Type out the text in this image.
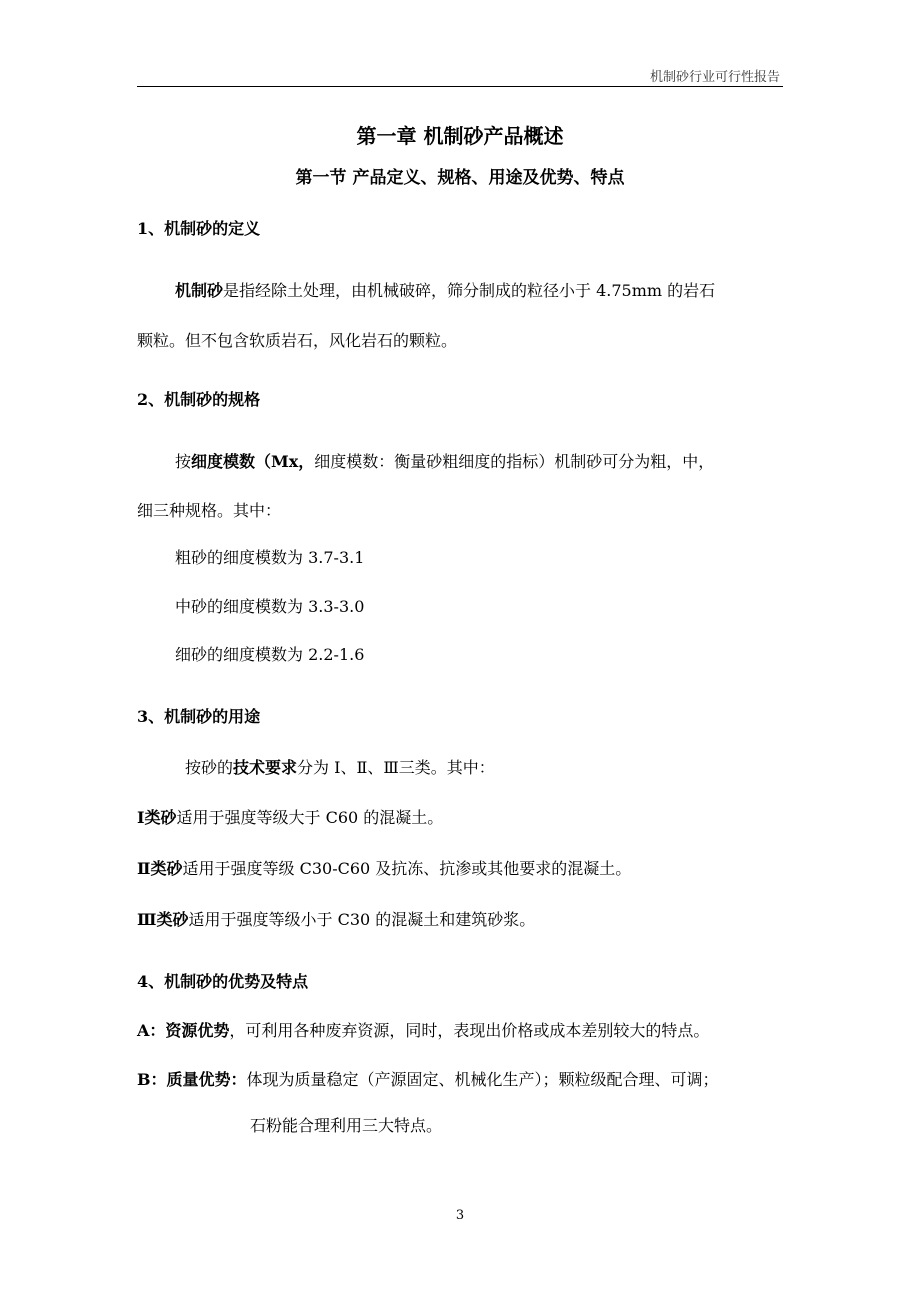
机制砂行业可行性报告
第一章 机制砂产品概述
第一节 产品定义、规格、用途及优势、特点
1、机制砂的定义
机制砂是指经除土处理，由机械破碎，筛分制成的粒径小于 4.75mm 的岩石
颗粒。但不包含软质岩石，风化岩石的颗粒。
2、机制砂的规格
按细度模数（Mx，细度模数：衡量砂粗细度的指标）机制砂可分为粗，中，
细三种规格。其中：
粗砂的细度模数为 3.7-3.1
中砂的细度模数为 3.3-3.0
细砂的细度模数为 2.2-1.6
3、机制砂的用途
按砂的技术要求分为 Ⅰ、Ⅱ、Ⅲ三类。其中：
Ⅰ类砂适用于强度等级大于 C60 的混凝土。
Ⅱ类砂适用于强度等级 C30-C60 及抗冻、抗渗或其他要求的混凝土。
Ⅲ类砂适用于强度等级小于 C30 的混凝土和建筑砂浆。
4、机制砂的优势及特点
A：资源优势，可利用各种废弃资源，同时，表现出价格或成本差别较大的特点。
B：质量优势：体现为质量稳定（产源固定、机械化生产）；颗粒级配合理、可调；
石粉能合理利用三大特点。
3
